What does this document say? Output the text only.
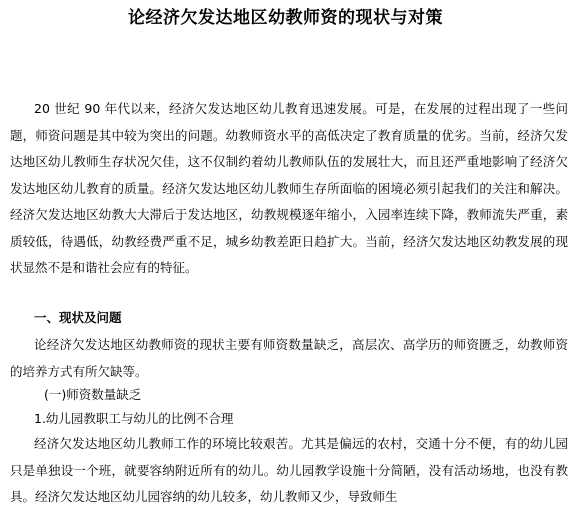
论经济欠发达地区幼教师资的现状与对策

20 世纪 90 年代以来，经济欠发达地区幼儿教育迅速发展。可是，在发展的过程出现了一些问题，师资问题是其中较为突出的问题。幼教师资水平的高低决定了教育质量的优劣。当前，经济欠发达地区幼儿教师生存状况欠佳，这不仅制约着幼儿教师队伍的发展壮大，而且还严重地影响了经济欠发达地区幼儿教育的质量。经济欠发达地区幼儿教师生存所面临的困境必须引起我们的关注和解决。经济欠发达地区幼教大大滞后于发达地区，幼教规模逐年缩小，入园率连续下降，教师流失严重，素质较低，待遇低，幼教经费严重不足，城乡幼教差距日趋扩大。当前，经济欠发达地区幼教发展的现状显然不是和谐社会应有的特征。

一、现状及问题

论经济欠发达地区幼教师资的现状主要有师资数量缺乏，高层次、高学历的师资匮乏，幼教师资的培养方式有所欠缺等。

(一)师资数量缺乏
1.幼儿园教职工与幼儿的比例不合理

经济欠发达地区幼儿教师工作的环境比较艰苦。尤其是偏远的农村，交通十分不便，有的幼儿园只是单独设一个班，就要容纳附近所有的幼儿。幼儿园教学设施十分简陋，没有活动场地，也没有教具。经济欠发达地区幼儿园容纳的幼儿较多，幼儿教师又少，导致师生
